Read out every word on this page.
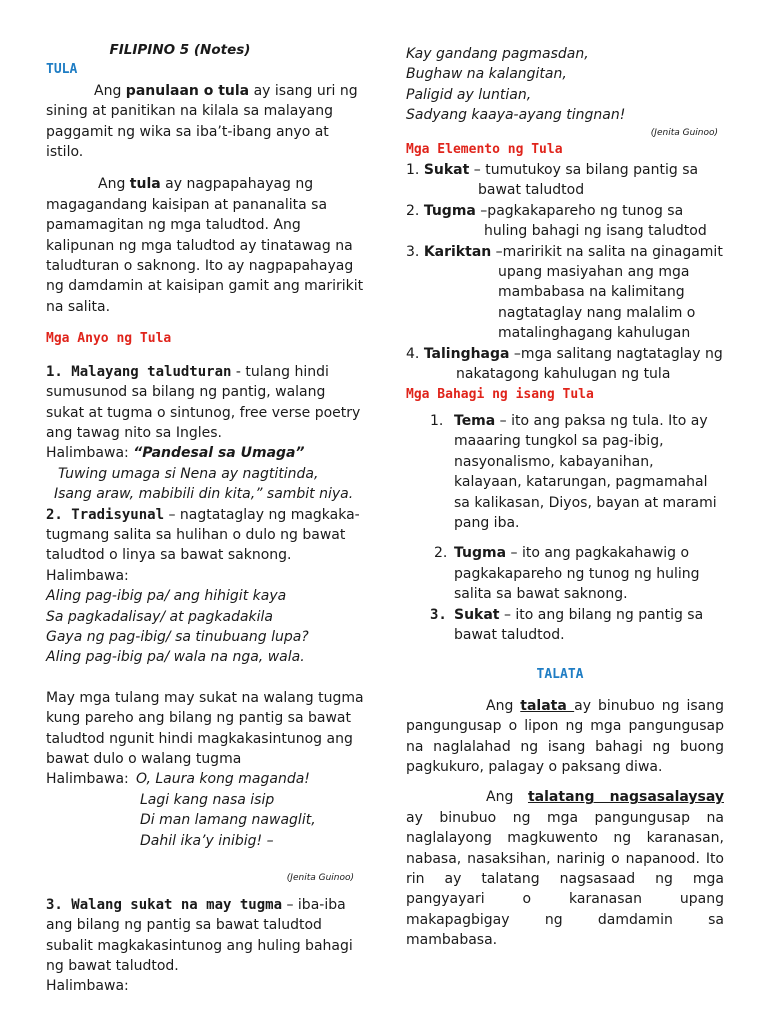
FILIPINO 5 (Notes)
TULA

Ang panulaan o tula ay isang uri ng sining at panitikan na kilala sa malayang paggamit ng wika sa iba’t-ibang anyo at istilo.

Ang tula ay nagpapahayag ng magagandang kaisipan at pananalita sa pamamagitan ng mga taludtod. Ang kalipunan ng mga taludtod ay tinatawag na taludturan o saknong. Ito ay nagpapahayag ng damdamin at kaisipan gamit ang maririkit na salita.

Mga Anyo ng Tula

1. Malayang taludturan - tulang hindi sumusunod sa bilang ng pantig, walang sukat at tugma o sintunog, free verse poetry ang tawag nito sa Ingles.

Halimbawa: “Pandesal sa Umaga”

Tuwing umaga si Nena ay nagtitinda,

Isang araw, mabibili din kita,” sambit niya.

2. Tradisyunal – nagtataglay ng magkaka-tugmang salita sa hulihan o dulo ng bawat taludtod o linya sa bawat saknong.

Halimbawa:

Aling pag-ibig pa/ ang hihigit kaya

Sa pagkadalisay/ at pagkadakila

Gaya ng pag-ibig/ sa tinubuang lupa?

Aling pag-ibig pa/ wala na nga, wala.

May mga tulang may sukat na walang tugma kung pareho ang bilang ng pantig sa bawat taludtod ngunit hindi magkakasintunog ang bawat dulo o walang tugma

Halimbawa: O, Laura kong maganda!

Lagi kang nasa isip

Di man lamang nawaglit,

Dahil ika’y inibig! –

(Jenita Guinoo)

3. Walang sukat na may tugma – iba-iba ang bilang ng pantig sa bawat taludtod subalit magkakasintunog ang huling bahagi ng bawat taludtod.

Halimbawa:

Kay gandang pagmasdan,

Bughaw na kalangitan,

Paligid ay luntian,

Sadyang kaaya-ayang tingnan!

(Jenita Guinoo)
Mga Elemento ng Tula

1. Sukat – tumutukoy sa bilang pantig sa

bawat taludtod

2. Tugma –pagkakapareho ng tunog sa

huling bahagi ng isang taludtod

3. Kariktan –maririkit na salita na ginagamit

upang masiyahan ang mga

mambabasa na kalimitang

nagtataglay nang malalim o

matalinghagang kahulugan

4. Talinghaga –mga salitang nagtataglay ng

nakatagong kahulugan ng tula

Mga Bahagi ng isang Tula
1. Tema – ito ang paksa ng tula. Ito ay maaaring tungkol sa pag-ibig, nasyonalismo, kabayanihan, kalayaan, katarungan, pagmamahal sa kalikasan, Diyos, bayan at marami pang iba.
2. Tugma – ito ang pagkakahawig o pagkakapareho ng tunog ng huling salita sa bawat saknong.
3. Sukat – ito ang bilang ng pantig sa bawat taludtod.
TALATA

Ang talata ay binubuo ng isang pangungusap o lipon ng mga pangungusap na naglalahad ng isang bahagi ng buong pagkukuro, palagay o paksang diwa.

Ang talatang nagsasalaysay ay binubuo ng mga pangungusap na naglalayong magkuwento ng karanasan, nabasa, nasaksihan, narinig o napanood. Ito rin ay talatang nagsasaad ng mga pangyayari o karanasan upang makapagbigay ng damdamin sa mambabasa.
